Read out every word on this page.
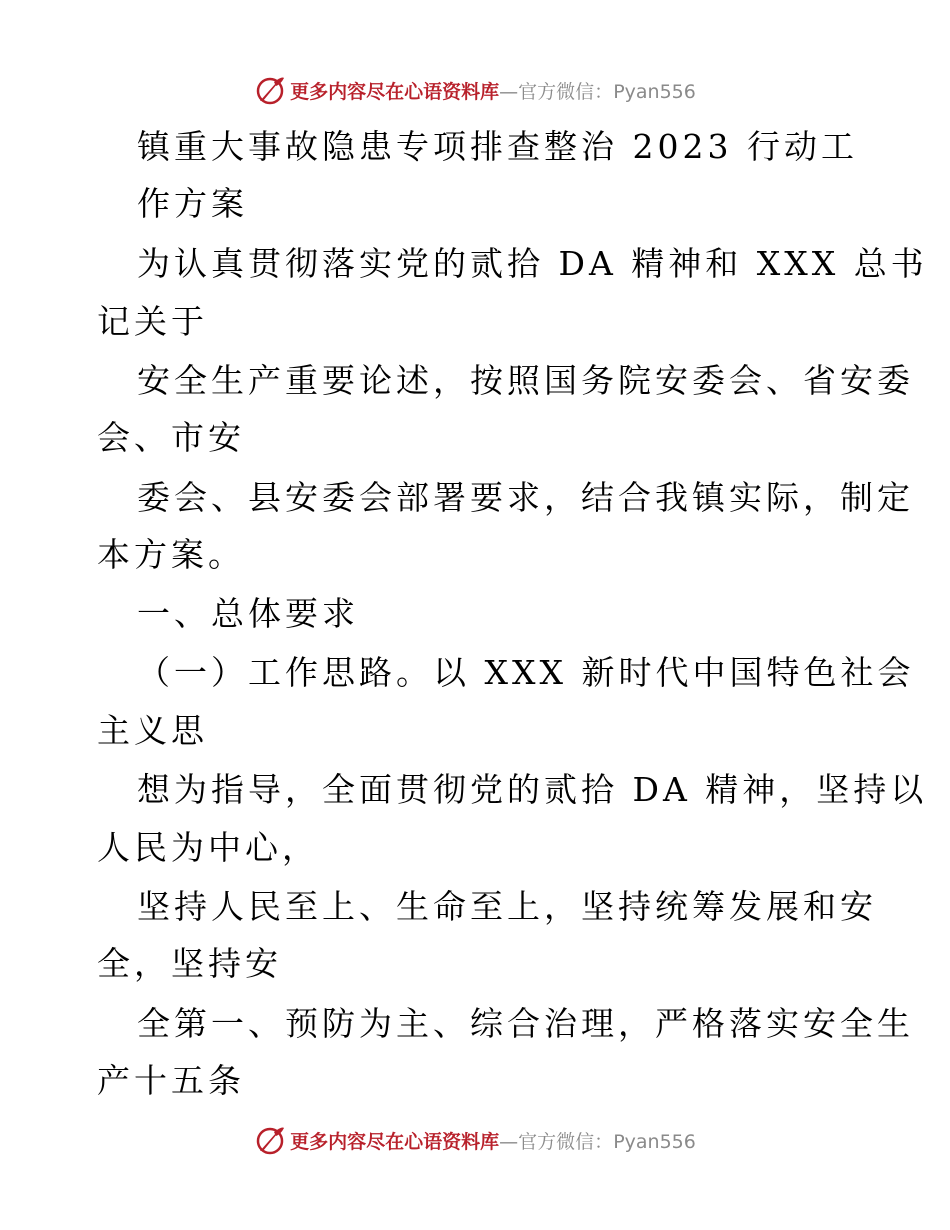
更多内容尽在心语资料库—官方微信：Pyan556
镇重大事故隐患专项排查整治 2023 行动工
作方案
为认真贯彻落实党的贰拾 DA 精神和 XXX 总书
记关于
安全生产重要论述，按照国务院安委会、省安委
会、市安
委会、县安委会部署要求，结合我镇实际，制定
本方案。
一、总体要求
（一）工作思路。以 XXX 新时代中国特色社会
主义思
想为指导，全面贯彻党的贰拾 DA 精神，坚持以
人民为中心，
坚持人民至上、生命至上，坚持统筹发展和安
全，坚持安
全第一、预防为主、综合治理，严格落实安全生
产十五条
更多内容尽在心语资料库—官方微信：Pyan556
